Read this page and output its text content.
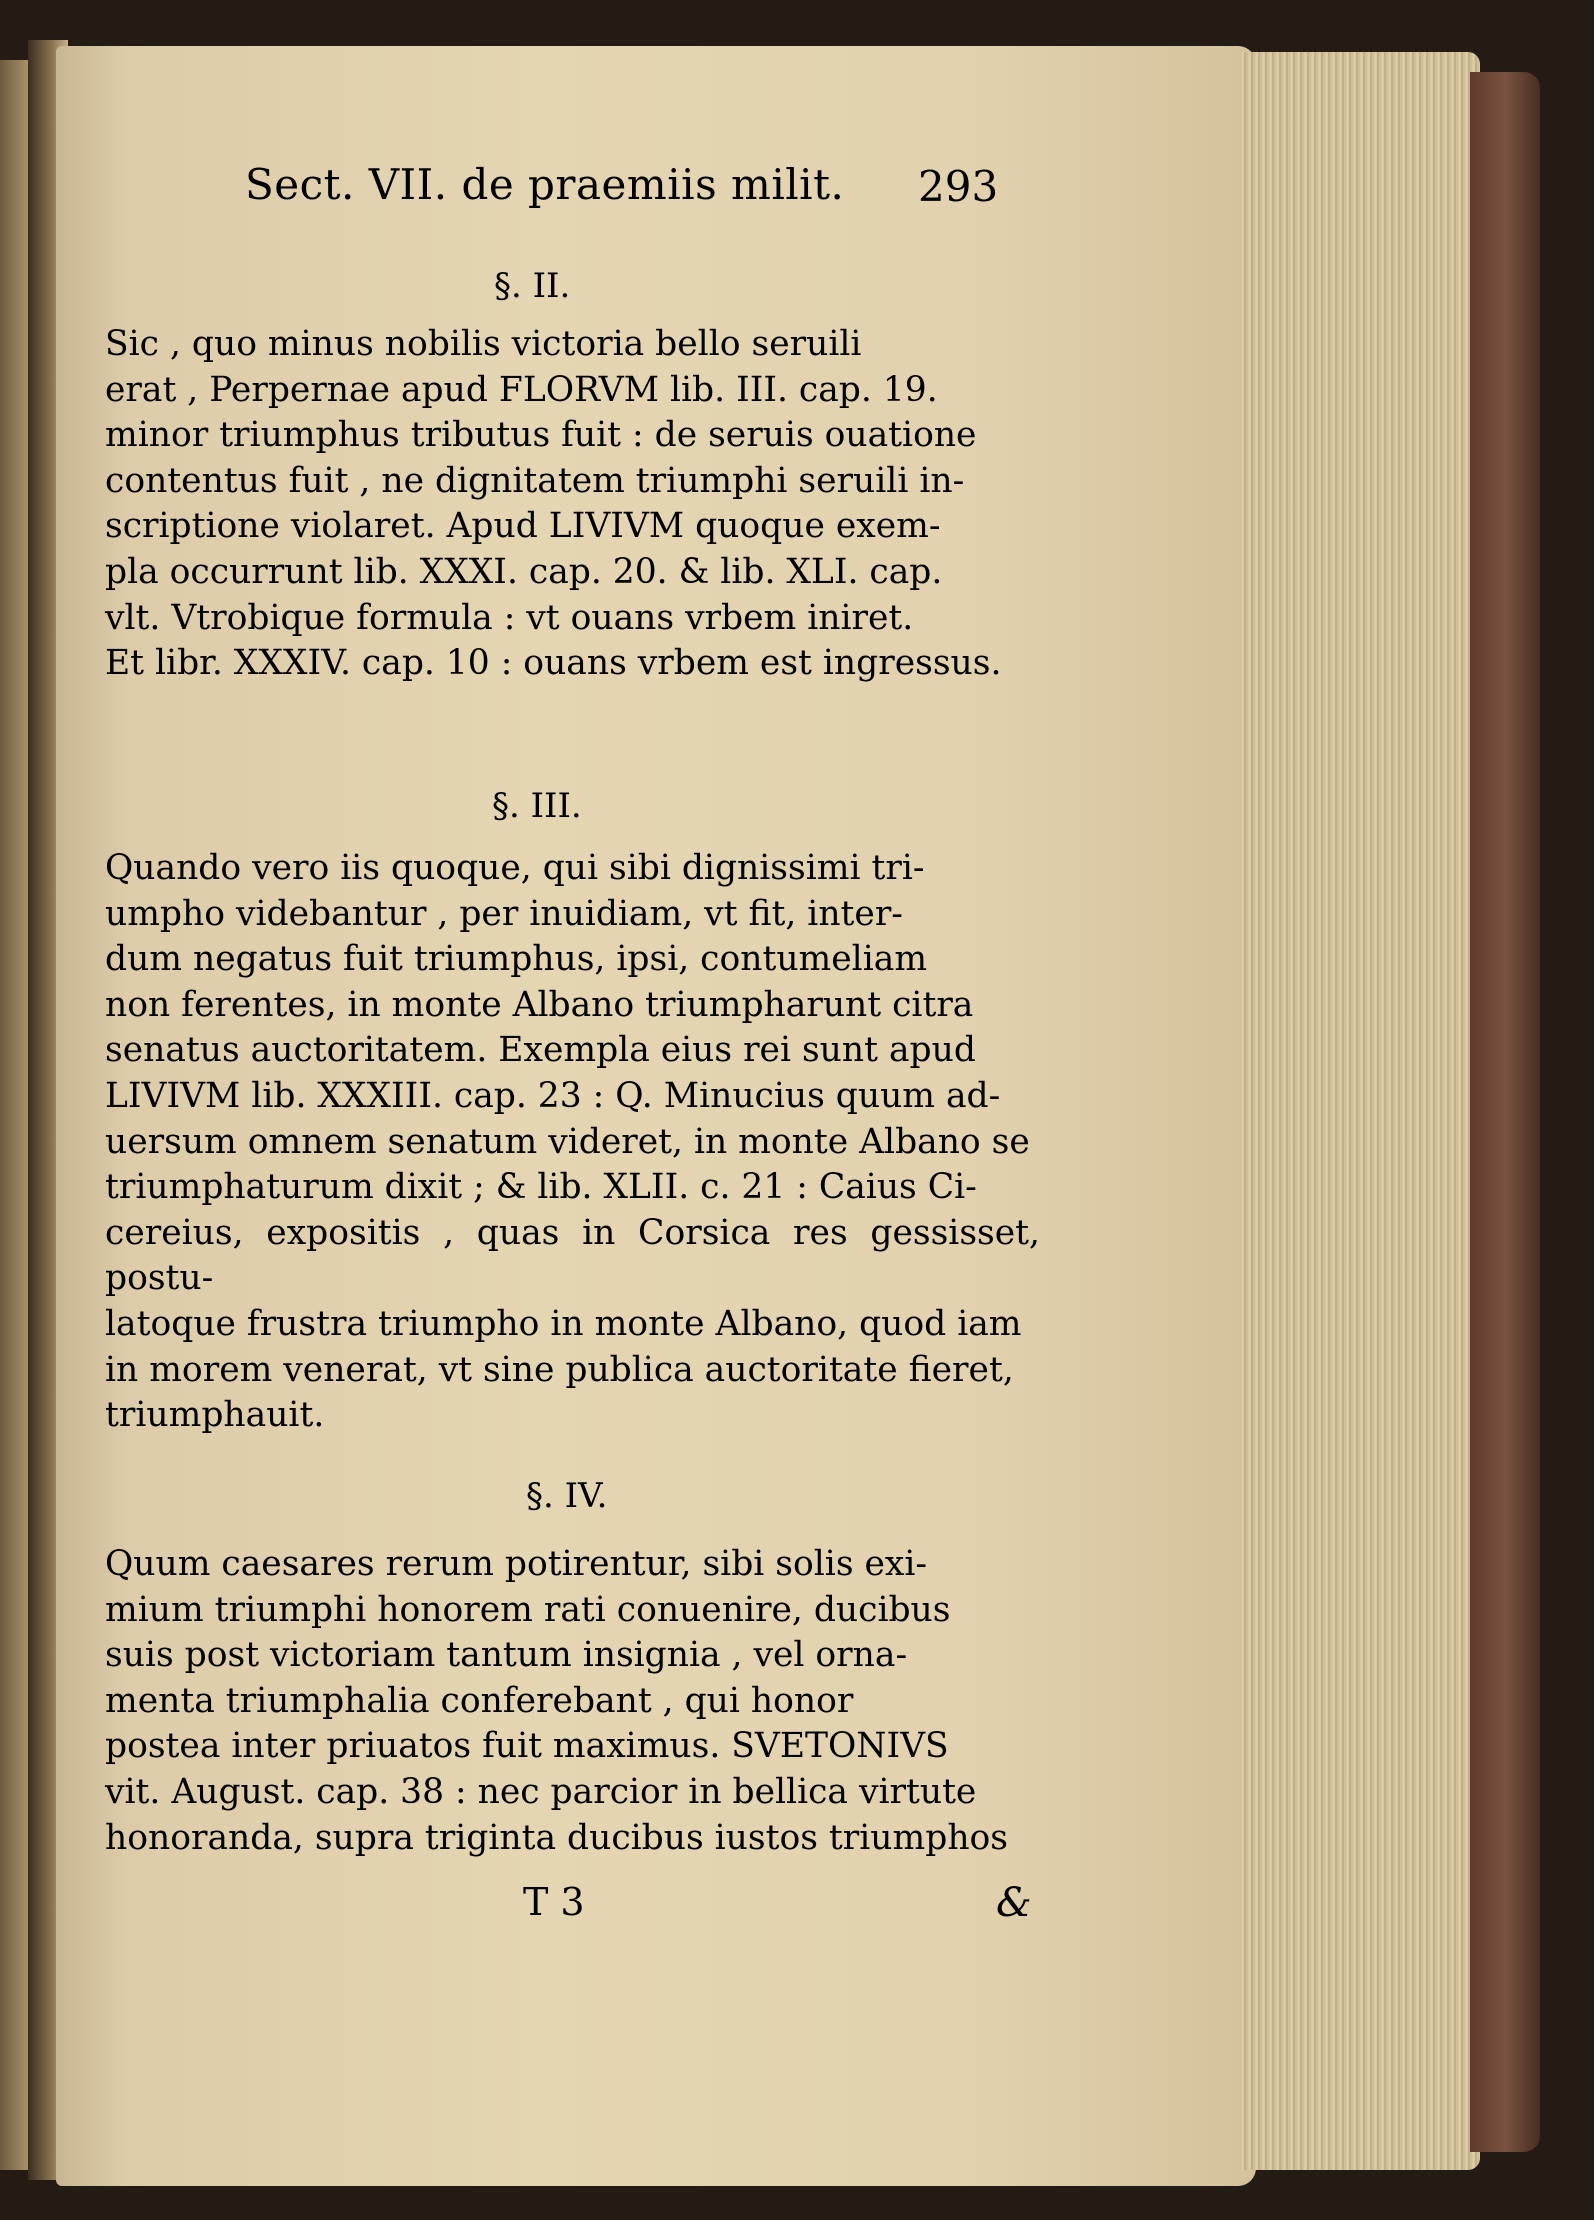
Sect. VII. de praemiis milit. 293
§. II.
Sic , quo minus nobilis victoria bello seruili
erat , Perpernae apud FLORVM lib. III. cap. 19.
minor triumphus tributus fuit : de seruis ouatione
contentus fuit , ne dignitatem triumphi seruili in-
scriptione violaret. Apud LIVIVM quoque exem-
pla occurrunt lib. XXXI. cap. 20. & lib. XLI. cap.
vlt. Vtrobique formula : vt ouans vrbem iniret.
Et libr. XXXIV. cap. 10 : ouans vrbem est ingressus.
§. III.
Quando vero iis quoque, qui sibi dignissimi tri-
umpho videbantur , per inuidiam, vt fit, inter-
dum negatus fuit triumphus, ipsi, contumeliam
non ferentes, in monte Albano triumpharunt citra
senatus auctoritatem. Exempla eius rei sunt apud
LIVIVM lib. XXXIII. cap. 23 : Q. Minucius quum ad-
uersum omnem senatum videret, in monte Albano se
triumphaturum dixit ; & lib. XLII. c. 21 : Caius Ci-
cereius, expositis , quas in Corsica res gessisset, postu-
latoque frustra triumpho in monte Albano, quod iam
in morem venerat, vt sine publica auctoritate fieret,
triumphauit.
§. IV.
Quum caesares rerum potirentur, sibi solis exi-
mium triumphi honorem rati conuenire, ducibus
suis post victoriam tantum insignia , vel orna-
menta triumphalia conferebant , qui honor
postea inter priuatos fuit maximus. SVETONIVS
vit. August. cap. 38 : nec parcior in bellica virtute
honoranda, supra triginta ducibus iustos triumphos
T 3	&
